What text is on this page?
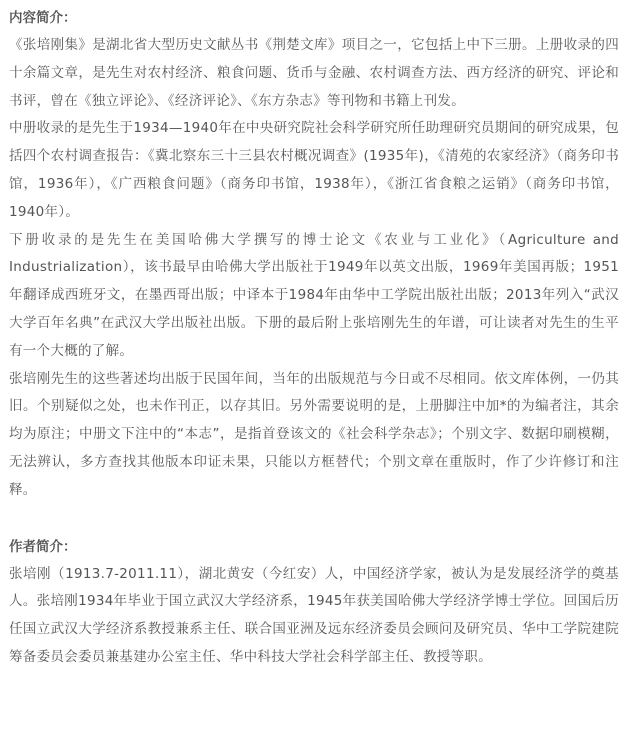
内容简介：

《张培刚集》是湖北省大型历史文献丛书《荆楚文库》项目之一，它包括上中下三册。上册收录的四十余篇文章，是先生对农村经济、粮食问题、货币与金融、农村调查方法、西方经济的研究、评论和书评，曾在《独立评论》、《经济评论》、《东方杂志》等刊物和书籍上刊发。

中册收录的是先生于1934—1940年在中央研究院社会科学研究所任助理研究员期间的研究成果，包括四个农村调查报告：《冀北察东三十三县农村概况调查》(1935年)，《清苑的农家经济》（商务印书馆，1936年），《广西粮食问题》（商务印书馆，1938年），《浙江省食粮之运销》（商务印书馆，1940年）。

下册收录的是先生在美国哈佛大学撰写的博士论文《农业与工业化》（Agriculture and Industrialization），该书最早由哈佛大学出版社于1949年以英文出版，1969年美国再版；1951年翻译成西班牙文，在墨西哥出版；中译本于1984年由华中工学院出版社出版；2013年列入“武汉大学百年名典”在武汉大学出版社出版。下册的最后附上张培刚先生的年谱，可让读者对先生的生平有一个大概的了解。

张培刚先生的这些著述均出版于民国年间，当年的出版规范与今日或不尽相同。依文库体例，一仍其旧。个别疑似之处，也未作刊正，以存其旧。另外需要说明的是，上册脚注中加*的为编者注，其余均为原注；中册文下注中的“本志”，是指首登该文的《社会科学杂志》；个别文字、数据印刷模糊，无法辨认，多方查找其他版本印证未果，只能以方框替代；个别文章在重版时，作了少许修订和注释。

作者简介：

张培刚（1913.7-2011.11），湖北黄安（今红安）人，中国经济学家，被认为是发展经济学的奠基人。张培刚1934年毕业于国立武汉大学经济系，1945年获美国哈佛大学经济学博士学位。回国后历任国立武汉大学经济系教授兼系主任、联合国亚洲及远东经济委员会顾问及研究员、华中工学院建院筹备委员会委员兼基建办公室主任、华中科技大学社会科学部主任、教授等职。
